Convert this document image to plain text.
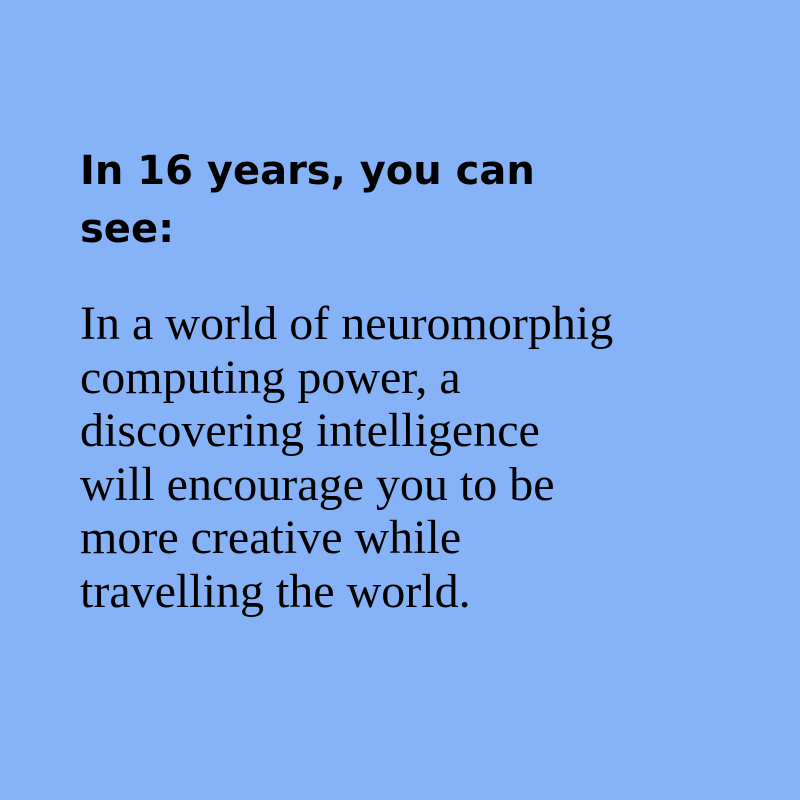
In 16 years, you can
see:

In a world of neuromorphig
computing power, a
discovering intelligence
will encourage you to be
more creative while
travelling the world.
